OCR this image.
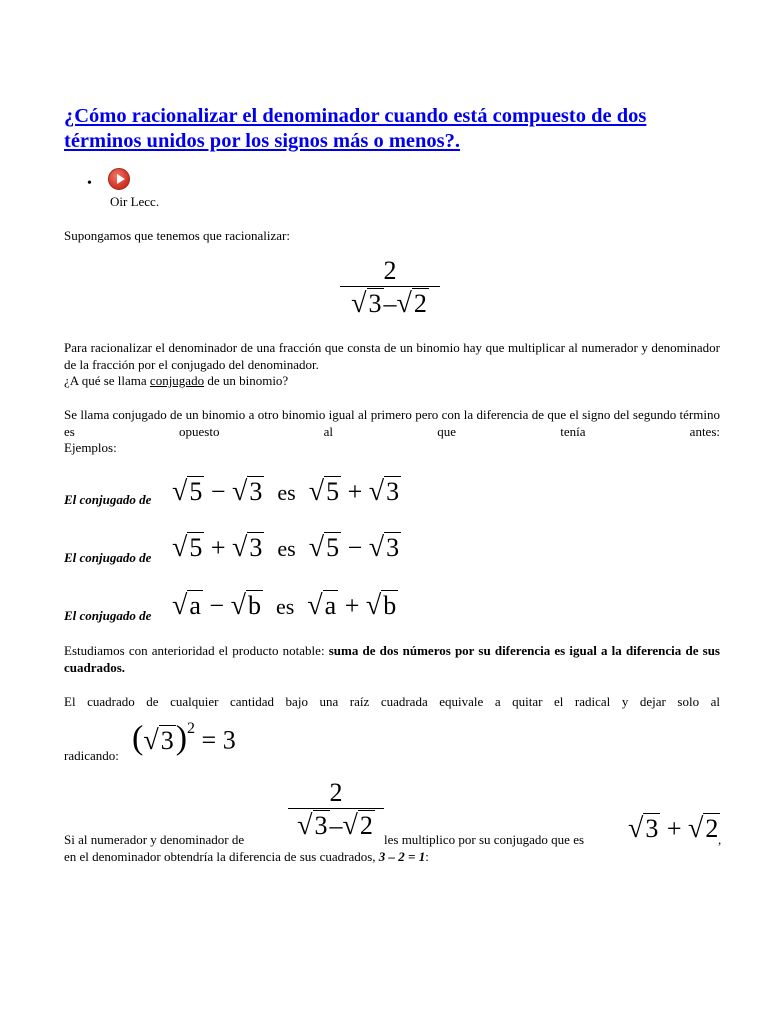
¿Cómo racionalizar el denominador cuando está compuesto de dos términos unidos por los signos más o menos?.
•
Oir Lecc.
Supongamos que tenemos que racionalizar:
$\frac{2}{√3-√2}$
Para racionalizar el denominador de una fracción que consta de un binomio hay que multiplicar al numerador y denominador de la fracción por el conjugado del denominador.
¿A qué se llama conjugado de un binomio?
Se llama conjugado de un binomio a otro binomio igual al primero pero con la diferencia de que el signo del segundo término es opuesto al que tenía antes:
Ejemplos:
El conjugado de √5 − √3 es √5 + √3
El conjugado de √5 + √3 es √5 − √3
El conjugado de √a − √b es √a + √b
Estudiamos con anterioridad el producto notable: suma de dos números por su diferencia es igual a la diferencia de sus cuadrados.
El cuadrado de cualquier cantidad bajo una raíz cuadrada equivale a quitar el radical y dejar solo al
radicando: $(√3)^2 = 3$
$\frac{2}{√3-√2}$
Si al numerador y denominador de	les multiplico por su conjugado que es √3 + √2 ,
en el denominador obtendría la diferencia de sus cuadrados, 3 – 2 = 1:
